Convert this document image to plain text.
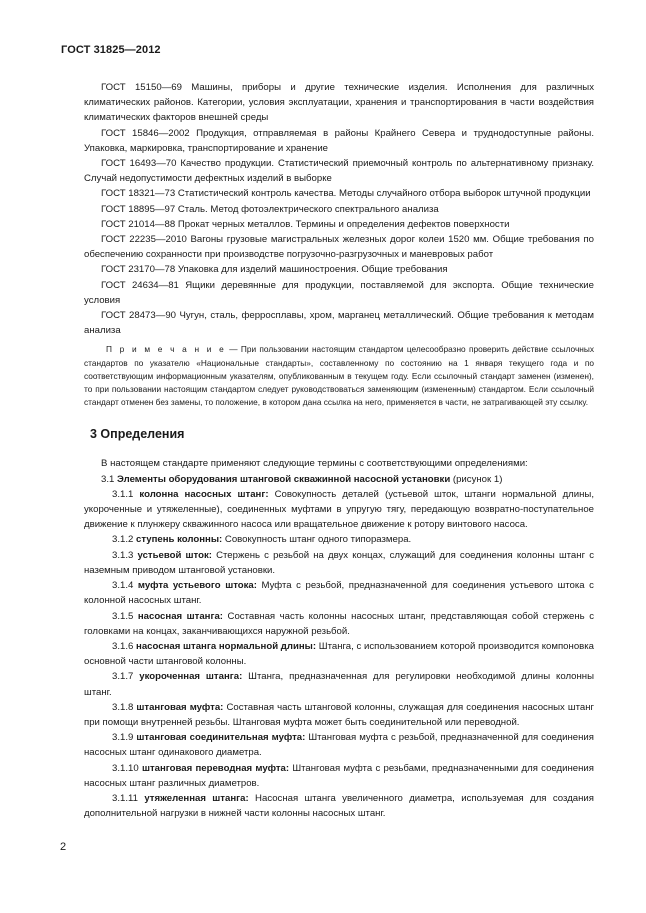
ГОСТ 31825—2012

ГОСТ 15150—69 Машины, приборы и другие технические изделия. Исполнения для различных климатических районов. Категории, условия эксплуатации, хранения и транспортирования в части воздействия климатических факторов внешней среды

ГОСТ 15846—2002 Продукция, отправляемая в районы Крайнего Севера и труднодоступные районы. Упаковка, маркировка, транспортирование и хранение

ГОСТ 16493—70 Качество продукции. Статистический приемочный контроль по альтернативному признаку. Случай недопустимости дефектных изделий в выборке

ГОСТ 18321—73 Статистический контроль качества. Методы случайного отбора выборок штучной продукции

ГОСТ 18895—97 Сталь. Метод фотоэлектрического спектрального анализа

ГОСТ 21014—88 Прокат черных металлов. Термины и определения дефектов поверхности

ГОСТ 22235—2010 Вагоны грузовые магистральных железных дорог колеи 1520 мм. Общие требования по обеспечению сохранности при производстве погрузочно-разгрузочных и маневровых работ

ГОСТ 23170—78 Упаковка для изделий машиностроения. Общие требования

ГОСТ 24634—81 Ящики деревянные для продукции, поставляемой для экспорта. Общие технические условия

ГОСТ 28473—90 Чугун, сталь, ферросплавы, хром, марганец металлический. Общие требования к методам анализа

П р и м е ч а н и е — При пользовании настоящим стандартом целесообразно проверить действие ссылочных стандартов по указателю «Национальные стандарты», составленному по состоянию на 1 января текущего года и по соответствующим информационным указателям, опубликованным в текущем году. Если ссылочный стандарт заменен (изменен), то при пользовании настоящим стандартом следует руководствоваться заменяющим (измененным) стандартом. Если ссылочный стандарт отменен без замены, то положение, в котором дана ссылка на него, применяется в части, не затрагивающей эту ссылку.

3 Определения

В настоящем стандарте применяют следующие термины с соответствующими определениями:

3.1 Элементы оборудования штанговой скважинной насосной установки (рисунок 1)

3.1.1 колонна насосных штанг: Совокупность деталей (устьевой шток, штанги нормальной длины, укороченные и утяжеленные), соединенных муфтами в упругую тягу, передающую возвратно-поступательное движение к плунжеру скважинного насоса или вращательное движение к ротору винтового насоса.

3.1.2 ступень колонны: Совокупность штанг одного типоразмера.

3.1.3 устьевой шток: Стержень с резьбой на двух концах, служащий для соединения колонны штанг с наземным приводом штанговой установки.

3.1.4 муфта устьевого штока: Муфта с резьбой, предназначенной для соединения устьевого штока с колонной насосных штанг.

3.1.5 насосная штанга: Составная часть колонны насосных штанг, представляющая собой стержень с головками на концах, заканчивающихся наружной резьбой.

3.1.6 насосная штанга нормальной длины: Штанга, с использованием которой производится компоновка основной части штанговой колонны.

3.1.7 укороченная штанга: Штанга, предназначенная для регулировки необходимой длины колонны штанг.

3.1.8 штанговая муфта: Составная часть штанговой колонны, служащая для соединения насосных штанг при помощи внутренней резьбы. Штанговая муфта может быть соединительной или переводной.

3.1.9 штанговая соединительная муфта: Штанговая муфта с резьбой, предназначенной для соединения насосных штанг одинакового диаметра.

3.1.10 штанговая переводная муфта: Штанговая муфта с резьбами, предназначенными для соединения насосных штанг различных диаметров.

3.1.11 утяжеленная штанга: Насосная штанга увеличенного диаметра, используемая для создания дополнительной нагрузки в нижней части колонны насосных штанг.

2
